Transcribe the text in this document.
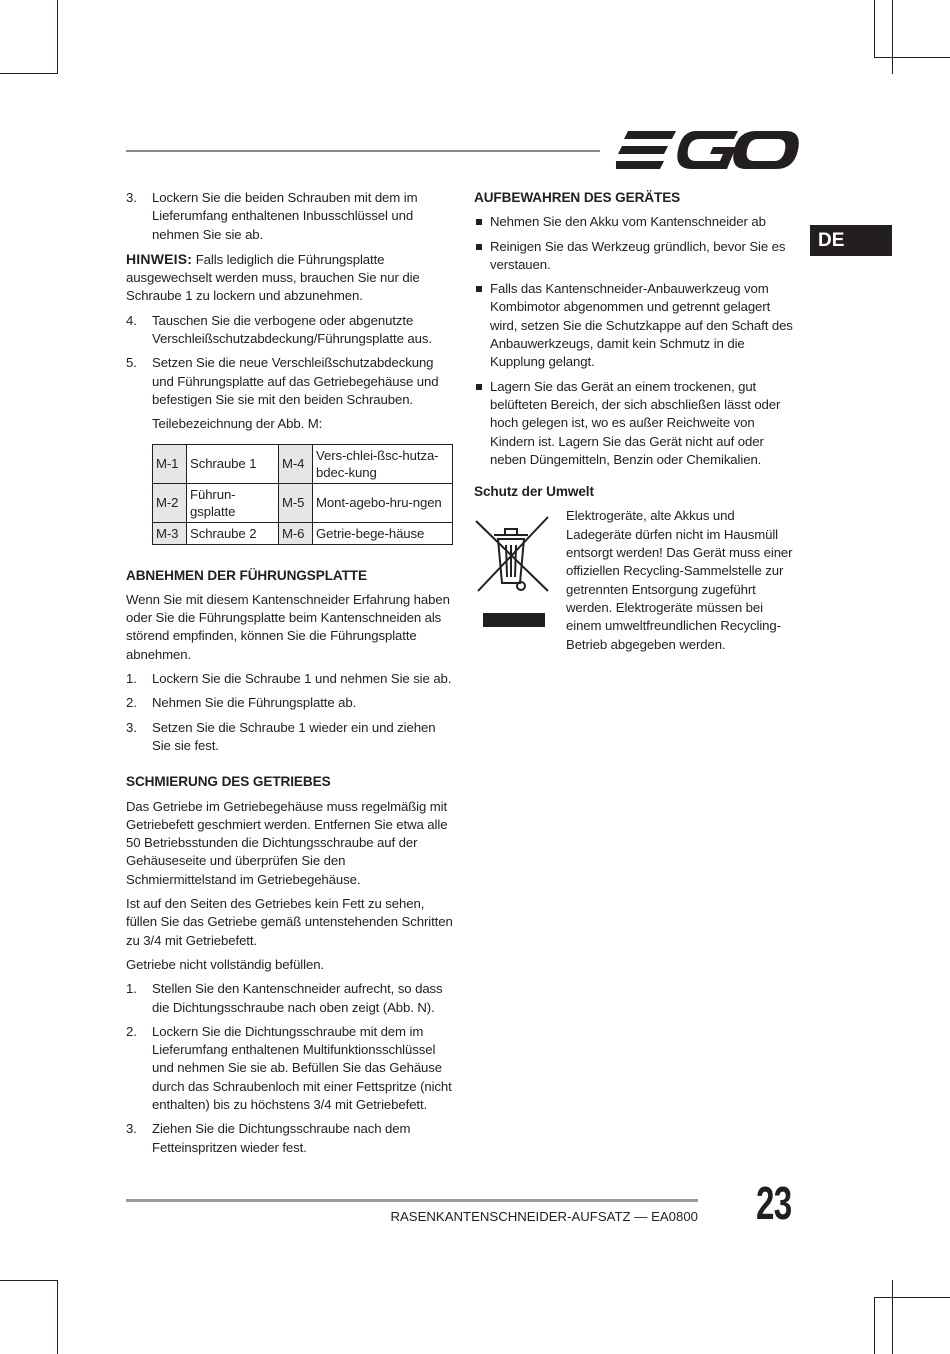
DE
3.	Lockern Sie die beiden Schrauben mit dem im Lieferumfang enthaltenen Inbusschlüssel und nehmen Sie sie ab.

HINWEIS: Falls lediglich die Führungsplatte ausgewechselt werden muss, brauchen Sie nur die Schraube 1 zu lockern und abzunehmen.

4.	Tauschen Sie die verbogene oder abgenutzte Verschleißschutzabdeckung/Führungsplatte aus.
5.	Setzen Sie die neue Verschleißschutzabdeckung und Führungsplatte auf das Getriebegehäuse und befestigen Sie sie mit den beiden Schrauben.
Teilebezeichnung der Abb. M:
M-1	Schraube 1	M-4	Vers-chlei-ßsc-hutza-bdec-kung
M-2	Führun-gsplatte	M-5	Mont-agebo-hru-ngen
M-3	Schraube 2	M-6	Getrie-bege-häuse
ABNEHMEN DER FÜHRUNGSPLATTE

Wenn Sie mit diesem Kantenschneider Erfahrung haben oder Sie die Führungsplatte beim Kantenschneiden als störend empfinden, können Sie die Führungsplatte abnehmen.

1.	Lockern Sie die Schraube 1 und nehmen Sie sie ab.
2.	Nehmen Sie die Führungsplatte ab.
3.	Setzen Sie die Schraube 1 wieder ein und ziehen Sie sie fest.
SCHMIERUNG DES GETRIEBES

Das Getriebe im Getriebegehäuse muss regelmäßig mit Getriebefett geschmiert werden. Entfernen Sie etwa alle 50 Betriebsstunden die Dichtungsschraube auf der Gehäuseseite und überprüfen Sie den Schmiermittelstand im Getriebegehäuse.

Ist auf den Seiten des Getriebes kein Fett zu sehen, füllen Sie das Getriebe gemäß untenstehenden Schritten zu 3/4 mit Getriebefett.

Getriebe nicht vollständig befüllen.

1.	Stellen Sie den Kantenschneider aufrecht, so dass die Dichtungsschraube nach oben zeigt (Abb. N).
2.	Lockern Sie die Dichtungsschraube mit dem im Lieferumfang enthaltenen Multifunktionsschlüssel und nehmen Sie sie ab. Befüllen Sie das Gehäuse durch das Schraubenloch mit einer Fettspritze (nicht enthalten) bis zu höchstens 3/4 mit Getriebefett.
3.	Ziehen Sie die Dichtungsschraube nach dem Fetteinspritzen wieder fest.
AUFBEWAHREN DES GERÄTES
Nehmen Sie den Akku vom Kantenschneider ab
Reinigen Sie das Werkzeug gründlich, bevor Sie es verstauen.
Falls das Kantenschneider-Anbauwerkzeug vom Kombimotor abgenommen und getrennt gelagert wird, setzen Sie die Schutzkappe auf den Schaft des Anbauwerkzeugs, damit kein Schmutz in die Kupplung gelangt.
Lagern Sie das Gerät an einem trockenen, gut belüfteten Bereich, der sich abschließen lässt oder hoch gelegen ist, wo es außer Reichweite von Kindern ist. Lagern Sie das Gerät nicht auf oder neben Düngemitteln, Benzin oder Chemikalien.
Schutz der Umwelt
Elektrogeräte, alte Akkus und Ladegeräte dürfen nicht im Hausmüll entsorgt werden! Das Gerät muss einer offiziellen Recycling-Sammelstelle zur getrennten Entsorgung zugeführt werden. Elektrogeräte müssen bei einem umweltfreundlichen Recycling-Betrieb abgegeben werden.
RASENKANTENSCHNEIDER-AUFSATZ — EA0800 23
